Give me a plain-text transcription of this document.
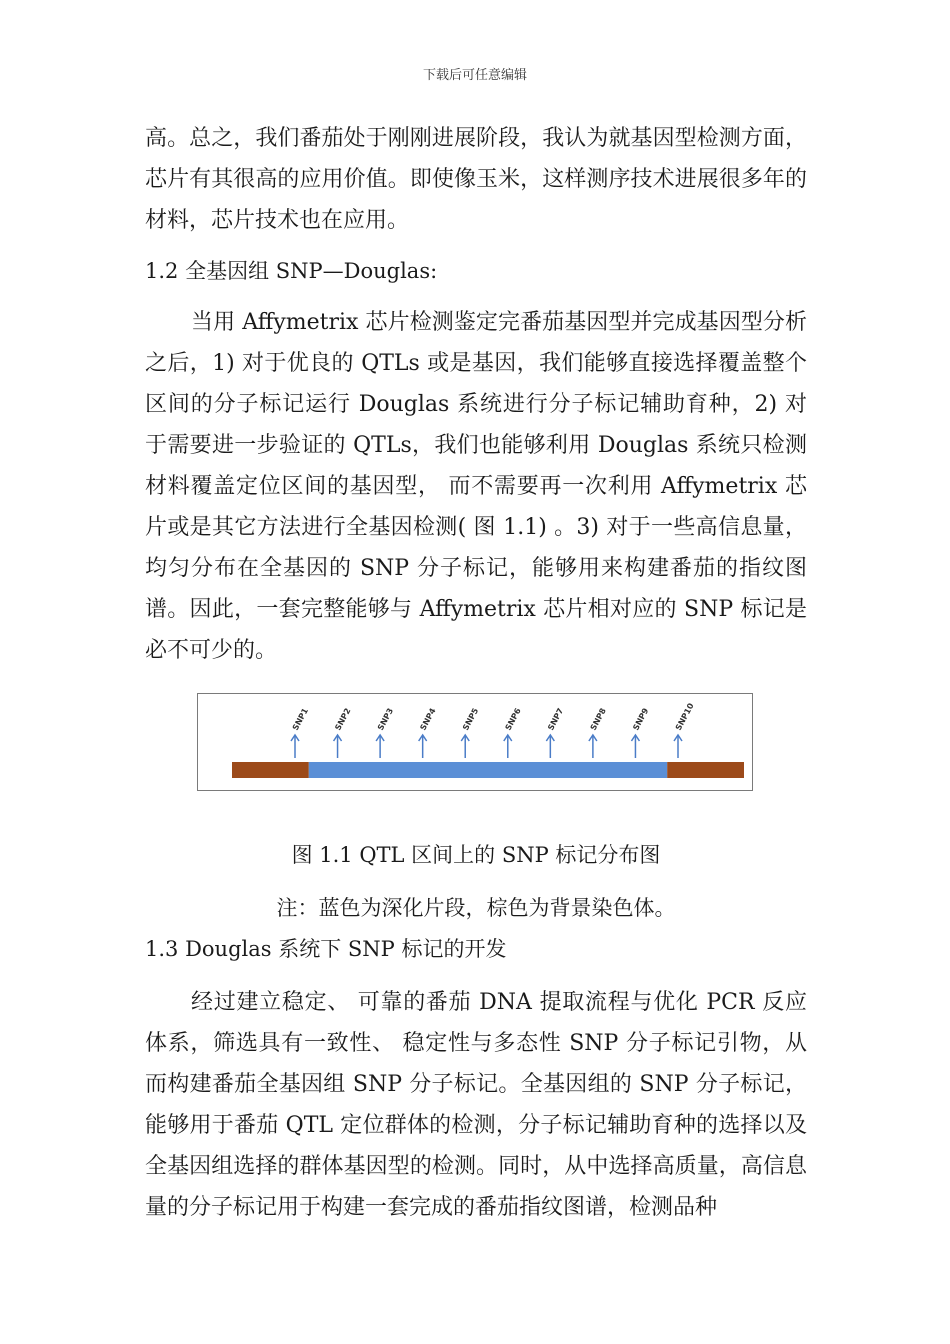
下载后可任意编辑

高。总之，我们番茄处于刚刚进展阶段，我认为就基因型检测方面，芯片有其很高的应用价值。即使像玉米，这样测序技术进展很多年的材料，芯片技术也在应用。

1.2 全基因组 SNP—Douglas:

当用 Affymetrix 芯片检测鉴定完番茄基因型并完成基因型分析之后，1) 对于优良的 QTLs 或是基因，我们能够直接选择覆盖整个区间的分子标记运行 Douglas 系统进行分子标记辅助育种，2) 对于需要进一步验证的 QTLs，我们也能够利用 Douglas 系统只检测材料覆盖定位区间的基因型， 而不需要再一次利用 Affymetrix 芯片或是其它方法进行全基因检测( 图 1.1) 。3) 对于一些高信息量，均匀分布在全基因的 SNP 分子标记，能够用来构建番茄的指纹图谱。因此，一套完整能够与 Affymetrix 芯片相对应的 SNP 标记是必不可少的。

SNP1	SNP2	SNP3	SNP4	SNP5	SNP6	SNP7	SNP8	SNP9	SNP10

图 1.1 QTL 区间上的 SNP 标记分布图

注：蓝色为深化片段，棕色为背景染色体。

1.3 Douglas 系统下 SNP 标记的开发

经过建立稳定、 可靠的番茄 DNA 提取流程与优化 PCR 反应体系，筛选具有一致性、 稳定性与多态性 SNP 分子标记引物，从而构建番茄全基因组 SNP 分子标记。全基因组的 SNP 分子标记，能够用于番茄 QTL 定位群体的检测，分子标记辅助育种的选择以及全基因组选择的群体基因型的检测。同时，从中选择高质量，高信息量的分子标记用于构建一套完成的番茄指纹图谱，检测品种
